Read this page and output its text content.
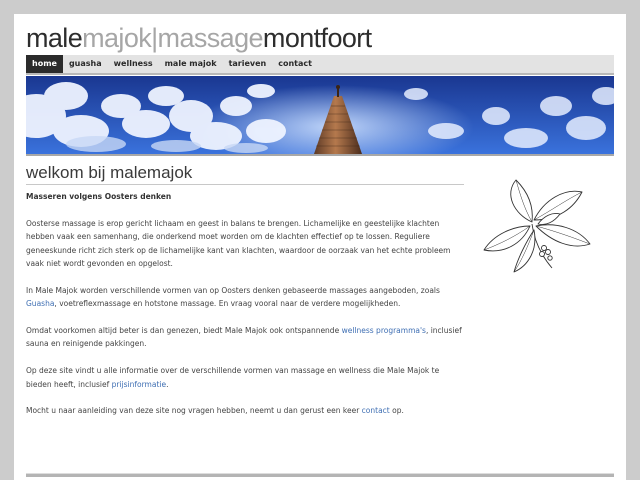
malemajok|massagemontfoort
home	guasha	wellness	male majok	tarieven	contact
welkom bij malemajok

Masseren volgens Oosters denken

Oosterse massage is erop gericht lichaam en geest in balans te brengen. Lichamelijke en geestelijke klachten hebben vaak een samenhang, die onderkend moet worden om de klachten effectief op te lossen. Reguliere geneeskunde richt zich sterk op de lichamelijke kant van klachten, waardoor de oorzaak van het echte probleem vaak niet wordt gevonden en opgelost.

In Male Majok worden verschillende vormen van op Oosters denken gebaseerde massages aangeboden, zoals Guasha, voetreflexmassage en hotstone massage. En vraag vooral naar de verdere mogelijkheden.

Omdat voorkomen altijd beter is dan genezen, biedt Male Majok ook ontspannende wellness programma's, inclusief sauna en reinigende pakkingen.

Op deze site vindt u alle informatie over de verschillende vormen van massage en wellness die Male Majok te bieden heeft, inclusief prijsinformatie.

Mocht u naar aanleiding van deze site nog vragen hebben, neemt u dan gerust een keer contact op.
